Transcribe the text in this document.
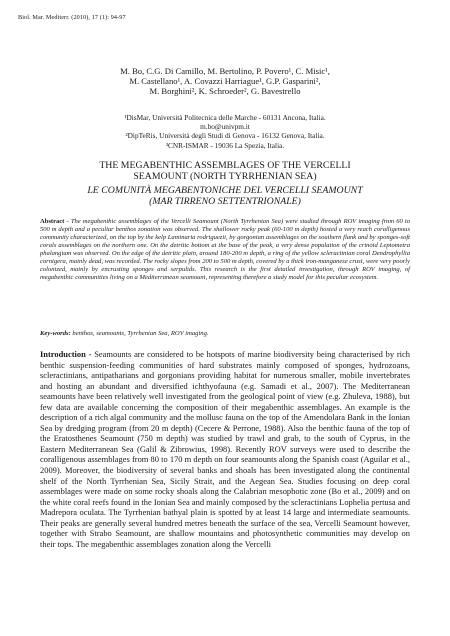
Biol. Mar. Mediterr. (2010), 17 (1): 94-97
M. Bo, C.G. Di Camillo, M. Bertolino, P. Povero¹, C. Misic¹,
M. Castellano¹, A. Covazzi Harriague¹, G.P. Gasparini²,
M. Borghini², K. Schroeder², G. Bavestrello
¹DisMar, Università Politecnica delle Marche - 60131 Ancona, Italia.
m.bo@univpm.it
²DipTeRis, Università degli Studi di Genova - 16132 Genova, Italia.
³CNR-ISMAR - 19036 La Spezia, Italia.
THE MEGABENTHIC ASSEMBLAGES OF THE VERCELLI
SEAMOUNT (NORTH TYRRHENIAN SEA)
LE COMUNITÀ MEGABENTONICHE DEL VERCELLI SEAMOUNT
(MAR TIRRENO SETTENTRIONALE)
Abstract - The megabenthic assemblages of the Vercelli Seamount (North Tyrrhenian Sea) were studied through ROV imaging from 60 to 500 m depth and a peculiar benthos zonation was observed. The shallower rocky peak (60-100 m depth) hosted a very reach coralligenous community characterized, on the top by the kelp Laminaria rodriguezii, by gorgonian assemblages on the southern flank and by sponges-soft corals assemblages on the northern one. On the detritic bottom at the base of the peak, a very dense population of the crinoid Leptometra phalangium was observed. On the edge of the detritic plain, around 180-200 m depth, a ring of the yellow scleractinian coral Dendrophyllia cornigera, mainly dead, was recorded. The rocky slopes from 200 to 500 m depth, covered by a thick iron-manganese crust, were very poorly colonized, mainly by encrusting sponges and serpulids. This research is the first detailed investigation, through ROV imaging, of megabenthic communities living on a Mediterranean seamount, representing therefore a study model for this peculiar ecosystem.
Key-words: benthos, seamounts, Tyrrhenian Sea, ROV imaging.
Introduction - Seamounts are considered to be hotspots of marine biodiversity being characterised by rich benthic suspension-feeding communities of hard substrates mainly composed of sponges, hydrozoans, scleractinians, antipatharians and gorgonians providing habitat for numerous smaller, mobile invertebrates and hosting an abundant and diversified ichthyofauna (e.g. Samadi et al., 2007). The Mediterranean seamounts have been relatively well investigated from the geological point of view (e.g. Zhuleva, 1988), but few data are available concerning the composition of their megabenthic assemblages. An example is the description of a rich algal community and the mollusc fauna on the top of the Amendolara Bank in the Ionian Sea by dredging program (from 20 m depth) (Cecere & Perrone, 1988). Also the benthic fauna of the top of the Eratosthenes Seamount (750 m depth) was studied by trawl and grab, to the south of Cyprus, in the Eastern Mediterranean Sea (Galil & Zibrowius, 1998). Recently ROV surveys were used to describe the coralligenous assemblages from 80 to 170 m depth on four seamounts along the Spanish coast (Aguilar et al., 2009). Moreover, the biodiversity of several banks and shoals has been investigated along the continental shelf of the North Tyrrhenian Sea, Sicily Strait, and the Aegean Sea. Studies focusing on deep coral assemblages were made on some rocky shoals along the Calabrian mesophotic zone (Bo et al., 2009) and on the white coral reefs found in the Ionian Sea and mainly composed by the scleractinians Lophelia pertusa and Madrepora oculata. The Tyrrhenian bathyal plain is spotted by at least 14 large and intermediate seamounts. Their peaks are generally several hundred metres beneath the surface of the sea, Vercelli Seamount however, together with Strabo Seamount, are shallow mountains and photosynthetic communities may develop on their tops. The megabenthic assemblages zonation along the Vercelli
